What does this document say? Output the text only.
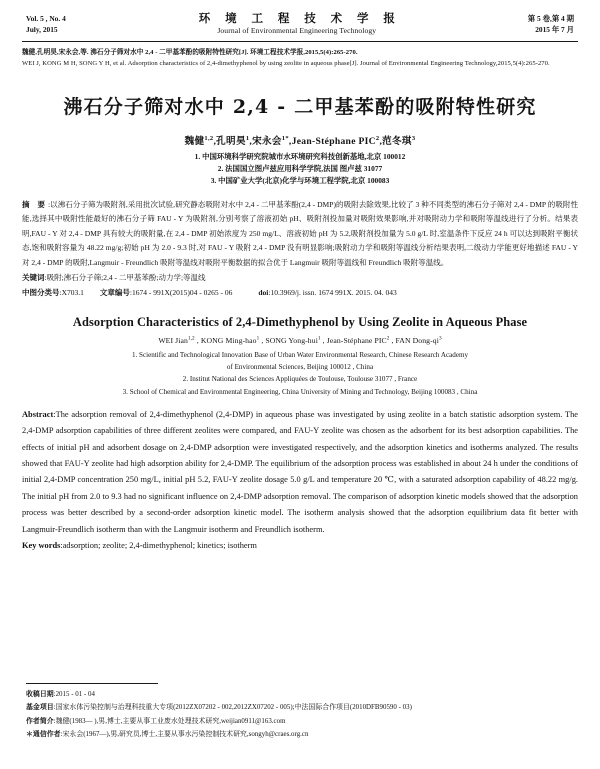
Vol. 5 , No. 4
July, 2015
环 境 工 程 技 术 学 报
Journal of Environmental Engineering Technology
第 5 卷,第 4 期
2015 年 7 月

魏健,孔明昊,宋永会,等. 沸石分子筛对水中 2,4 - 二甲基苯酚的吸附特性研究[J]. 环境工程技术学报,2015,5(4):265-270.

WEI J, KONG M H, SONG Y H, et al. Adsorption characteristics of 2,4-dimethyphenol by using zeolite in aqueous phase[J]. Journal of Environmental Engineering Technology,2015,5(4):265-270.

沸石分子筛对水中 2,4 - 二甲基苯酚的吸附特性研究
魏健$^{1,2}$,孔明昊$^1$,宋永会$^{1*}$,Jean-Stéphane PIC$^2$,范冬琪$^3$
1. 中国环境科学研究院城市水环境研究科技创新基地,北京 100012
2. 法国国立图卢兹应用科学学院,法国 图卢兹 31077
3. 中国矿业大学(北京)化学与环境工程学院,北京 100083
摘 要:以沸石分子筛为吸附剂,采用批次试验,研究静态吸附对水中 2,4 - 二甲基苯酚(2,4 - DMP)的吸附去除效果,比较了 3 种不同类型的沸石分子筛对 2,4 - DMP 的吸附性能,选择其中吸附性能最好的沸石分子筛 FAU - Y 为吸附剂,分别考察了溶液初始 pH、吸附剂投加量对吸附效果影响,并对吸附动力学和吸附等温线进行了分析。结果表明,FAU - Y 对 2,4 - DMP 具有较大的吸附量,在 2,4 - DMP 初始浓度为 250 mg/L、溶液初始 pH 为 5.2,吸附剂投加量为 5.0 g/L 时,室温条件下反应 24 h 可以达到吸附平衡状态,饱和吸附容量为 48.22 mg/g;初始 pH 为 2.0 - 9.3 时,对 FAU - Y 吸附 2,4 - DMP 没有明显影响;吸附动力学和吸附等温线分析结果表明,二级动力学能更好地描述 FAU - Y 对 2,4 - DMP 的吸附,Langmuir - Freundlich 吸附等温线对吸附平衡数据的拟合优于 Langmuir 吸附等温线和 Freundlich 吸附等温线。
关键词:吸附;沸石分子筛;2,4 - 二甲基苯酚;动力学;等温线
中图分类号:X703.1 文章编号:1674 - 991X(2015)04 - 0265 - 06	doi:10.3969/j. issn. 1674 991X. 2015. 04. 043
Adsorption Characteristics of 2,4-Dimethyphenol by Using Zeolite in Aqueous Phase
WEI Jian$^{1,2}$ , KONG Ming-hao$^1$ , SONG Yong-hui$^1$ , Jean-Stéphane PIC$^2$ , FAN Dong-$qi^3$
1. Scientific and Technological Innovation Base of Urban Water Environmental Research, Chinese Research Academy
of Environmental Sciences, Beijing 100012 , China
2. Institut National des Sciences Appliquées de Toulouse, Toulouse 31077 , France
3. School of Chemical and Environmental Engineering, China University of Mining and Technology, Beijing 100083 , China
Abstract:The adsorption removal of 2,4-dimethyphenol (2,4-DMP) in aqueous phase was investigated by using zeolite in a batch statistic adsorption system. The 2,4-DMP adsorption capabilities of three different zeolites were compared, and FAU-Y zeolite was chosen as the adsorbent for its best adsorption capabilities. The effects of initial pH and adsorbent dosage on 2,4-DMP adsorption were investigated respectively, and the adsorption kinetics and isotherms analyzed. The results showed that FAU-Y zeolite had high adsorption ability for 2,4-DMP. The equilibrium of the adsorption process was established in about 24 h under the conditions of initial 2,4-DMP concentration 250 mg/L, initial pH 5.2, FAU-Y zeolite dosage 5.0 g/L and temperature 20 ℃, with a saturated adsorption capability of 48.22 mg/g. The initial pH from 2.0 to 9.3 had no significant influence on 2,4-DMP adsorption removal. The comparison of adsorption kinetic models showed that the adsorption process was better described by a second-order adsorption kinetic model. The isotherm analysis showed that the adsorption equilibrium data fit better with Langmuir-Freundlich isotherm than with the Langmuir isotherm and Freundlich isotherm.
Key words:adsorption; zeolite; 2,4-dimethyphenol; kinetics; isotherm
收稿日期:2015 - 01 - 04
基金项目:国家水体污染控制与治理科技重大专项(2012ZX07202 - 002,2012ZX07202 - 005);中法国际合作项目(2010DFB90590 - 03)
作者简介:魏健(1983— ),男,博士,主要从事工业废水处理技术研究,weijian0911@163.com
＊通信作者:宋永会(1967—),男,研究员,博士,主要从事水污染控制技术研究,songyh@craes.org.cn
